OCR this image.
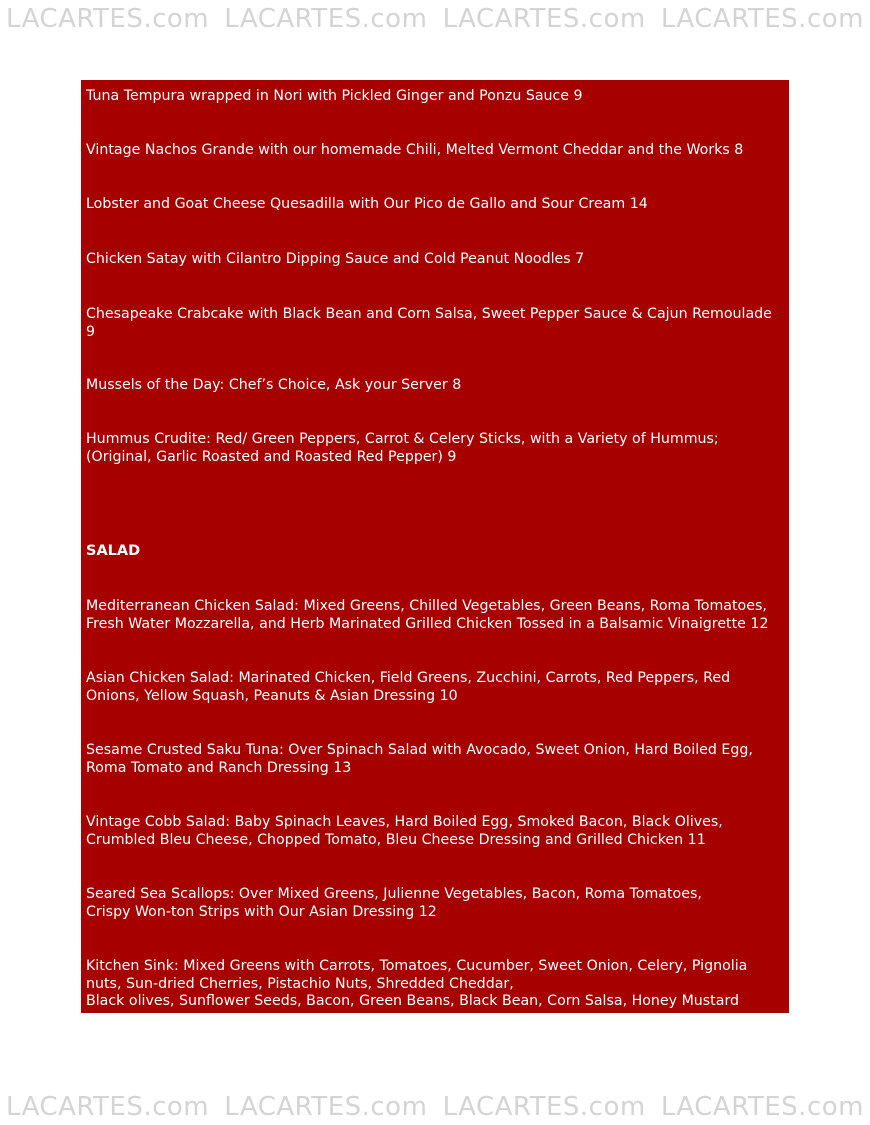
LACARTES.com LACARTES.com LACARTES.com LACARTES.com
Tuna Tempura wrapped in Nori with Pickled Ginger and Ponzu Sauce 9
Vintage Nachos Grande with our homemade Chili, Melted Vermont Cheddar and the Works 8
Lobster and Goat Cheese Quesadilla with Our Pico de Gallo and Sour Cream 14
Chicken Satay with Cilantro Dipping Sauce and Cold Peanut Noodles 7
Chesapeake Crabcake with Black Bean and Corn Salsa, Sweet Pepper Sauce & Cajun Remoulade
9
Mussels of the Day: Chef’s Choice, Ask your Server 8
Hummus Crudite: Red/ Green Peppers, Carrot & Celery Sticks, with a Variety of Hummus;
(Original, Garlic Roasted and Roasted Red Pepper) 9
SALAD
Mediterranean Chicken Salad: Mixed Greens, Chilled Vegetables, Green Beans, Roma Tomatoes,
Fresh Water Mozzarella, and Herb Marinated Grilled Chicken Tossed in a Balsamic Vinaigrette 12
Asian Chicken Salad: Marinated Chicken, Field Greens, Zucchini, Carrots, Red Peppers, Red
Onions, Yellow Squash, Peanuts & Asian Dressing 10
Sesame Crusted Saku Tuna: Over Spinach Salad with Avocado, Sweet Onion, Hard Boiled Egg,
Roma Tomato and Ranch Dressing 13
Vintage Cobb Salad: Baby Spinach Leaves, Hard Boiled Egg, Smoked Bacon, Black Olives,
Crumbled Bleu Cheese, Chopped Tomato, Bleu Cheese Dressing and Grilled Chicken 11
Seared Sea Scallops: Over Mixed Greens, Julienne Vegetables, Bacon, Roma Tomatoes,
Crispy Won-ton Strips with Our Asian Dressing 12
Kitchen Sink: Mixed Greens with Carrots, Tomatoes, Cucumber, Sweet Onion, Celery, Pignolia
nuts, Sun-dried Cherries, Pistachio Nuts, Shredded Cheddar,
Black olives, Sunflower Seeds, Bacon, Green Beans, Black Bean, Corn Salsa, Honey Mustard
LACARTES.com LACARTES.com LACARTES.com LACARTES.com
